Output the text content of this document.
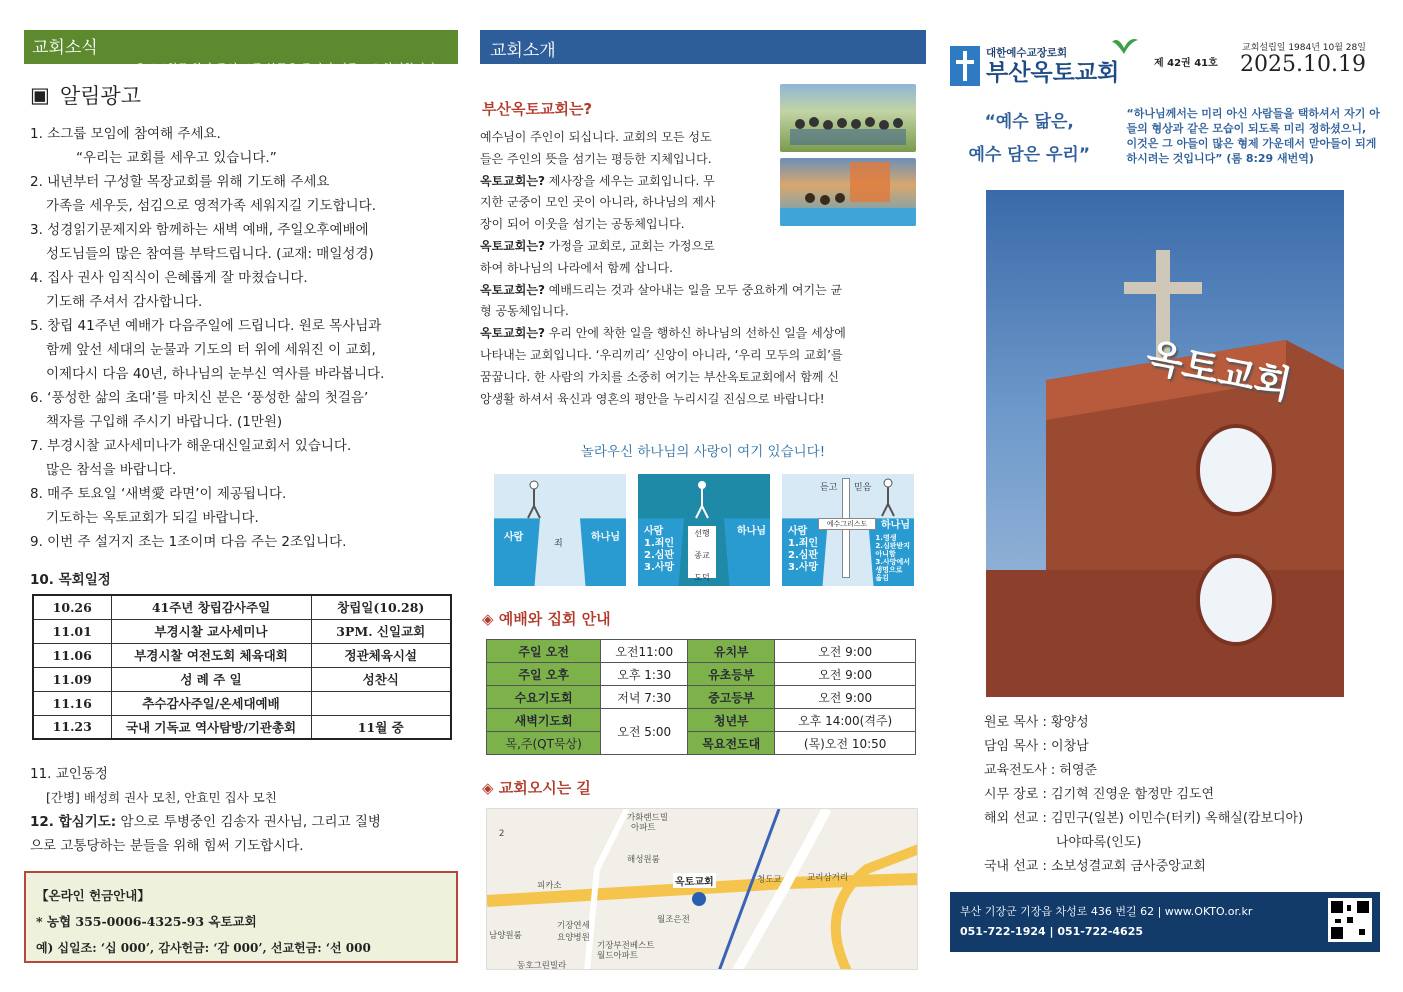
교회소식
♥옥토교회를 찾아 주신 모든 분들을 주님의 이름으로 환영합니다!♥
▣ 알림광고
1. 소그룹 모임에 참여해 주세요.
“우리는 교회를 세우고 있습니다.”
2. 내년부터 구성할 목장교회를 위해 기도해 주세요
가족을 세우듯, 섬김으로 영적가족 세워지길 기도합니다.
3. 성경읽기문제지와 함께하는 새벽 예배, 주일오후예배에
성도님들의 많은 참여를 부탁드립니다. (교재: 매일성경)
4. 집사 권사 임직식이 은혜롭게 잘 마쳤습니다.
기도해 주셔서 감사합니다.
5. 창립 41주년 예배가 다음주일에 드립니다. 원로 목사님과
함께 앞선 세대의 눈물과 기도의 터 위에 세워진 이 교회,
이제다시 다음 40년, 하나님의 눈부신 역사를 바라봅니다.
6. ‘풍성한 삶의 초대’를 마치신 분은 ‘풍성한 삶의 첫걸음’
책자를 구입해 주시기 바랍니다. (1만원)
7. 부경시찰 교사세미나가 해운대신일교회서 있습니다.
많은 참석을 바랍니다.
8. 매주 토요일 ‘새벽愛 라면’이 제공됩니다.
기도하는 옥토교회가 되길 바랍니다.
9. 이번 주 설거지 조는 1조이며 다음 주는 2조입니다.
10. 목회일정
10.26	41주년 창립감사주일	창립일(10.28)
11.01	부경시찰 교사세미나	3PM. 신일교회
11.06	부경시찰 여전도회 체육대회	정관체육시설
11.09	성 례 주 일	성찬식
11.16	추수감사주일/온세대예배	
11.23	국내 기독교 역사탐방/기관총회	11월 중
11. 교인동정
[간병] 배성희 권사 모친, 안효민 집사 모친
12. 합심기도: 암으로 투병중인 김송자 권사님, 그리고 질병
으로 고통당하는 분들을 위해 힘써 기도합시다.
【온라인 헌금안내】
* 농협 355-0006-4325-93 옥토교회
예) 십일조: ‘십 000’, 감사헌금: ‘감 000’, 선교헌금: ‘선 000
교회소개
부산옥토교회는?
예수님이 주인이 되십니다. 교회의 모든 성도
들은 주인의 뜻을 섬기는 평등한 지체입니다.
옥토교회는? 제사장을 세우는 교회입니다. 무
지한 군중이 모인 곳이 아니라, 하나님의 제사
장이 되어 이웃을 섬기는 공동체입니다.
옥토교회는? 가정을 교회로, 교회는 가정으로
하여 하나님의 나라에서 함께 삽니다.
옥토교회는? 예배드리는 것과 살아내는 일을 모두 중요하게 여기는 균
형 공동체입니다.
옥토교회는? 우리 안에 착한 일을 행하신 하나님의 선하신 일을 세상에
나타내는 교회입니다. ‘우리끼리’ 신앙이 아니라, ‘우리 모두의 교회’를
꿈꿉니다. 한 사람의 가치를 소중히 여기는 부산옥토교회에서 함께 신
앙생활 하셔서 육신과 영혼의 평안을 누리시길 진심으로 바랍니다!
놀라우신 하나님의 사랑이 여기 있습니다!
사람
죄
하나님	선행

종교

도덕
사람
1.죄인
2.심판
3.사망
하나님
예수그리스도
듣고 믿음
사람
1.죄인
2.심판
3.사망
하나님
1.영생
2.심판받지
아니함
3.사망에서
생명으로
옮김
◈ 예배와 집회 안내
주일 오전	오전11:00	유치부	오전 9:00
주일 오후	오후 1:30	유초등부	오전 9:00
수요기도회	저녁 7:30	중고등부	오전 9:00
새벽기도회	오전 5:00	청년부	오후 14:00(격주)
목,주(QT묵상)		목요전도대	(목)오전 10:50
◈ 교회오시는 길
가화랜드빌
아파트
해성원룸
피카소	옥토교회
월조은전
기장연세
요양병원
동호그린빌라
교리삼거리
기장부전베스트
월드아파트
남양원룸
청도교
2
대한예수교장로회
부산옥토교회	제 42권 41호
교회설립일 1984년 10월 28일
2025.10.19
“예수 닮은,
예수 담은 우리”
“하나님께서는 미리 아신 사람들을 택하셔서 자기 아들의 형상과 같은 모습이 되도록 미리 정하셨으니, 이것은 그 아들이 많은 형제 가운데서 맏아들이 되게 하시려는 것입니다” (롬 8:29 새번역)
옥토교회
원로 목사 : 황양성
담임 목사 : 이창남
교육전도사 : 허영준
시무 장로 : 김기혁 진영운 함정만 김도연
해외 선교 : 김민구(일본) 이민수(터키) 옥해실(캄보디아)
나야따록(인도)
국내 선교 : 소보성결교회 금사중앙교회
부산 기장군 기장읍 차성로 436 번길 62 | www.OKTO.or.kr
051-722-1924 | 051-722-4625
